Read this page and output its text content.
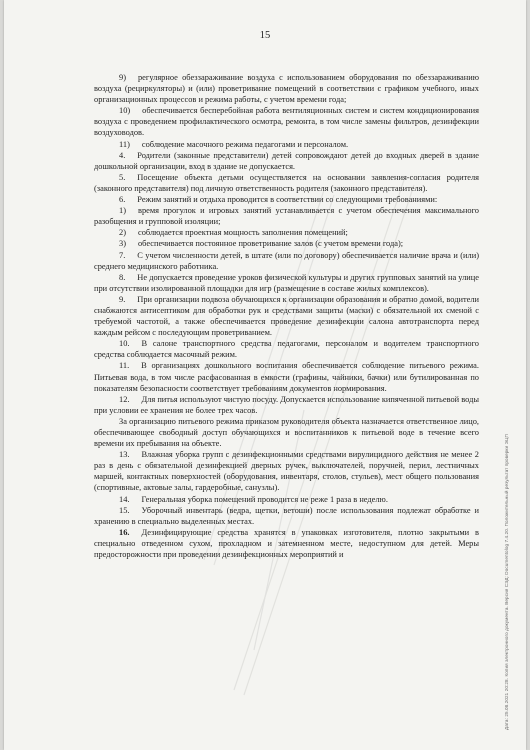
15

9) регулярное обеззараживание воздуха с использованием оборудования по обеззараживанию воздуха (рециркуляторы) и (или) проветривание помещений в соответствии с графиком учебного, иных организационных процессов и режима работы, с учетом времени года;

10) обеспечивается бесперебойная работа вентиляционных систем и систем кондиционирования воздуха с проведением профилактического осмотра, ремонта, в том числе замены фильтров, дезинфекции воздуховодов.

11) соблюдение масочного режима педагогами и персоналом.

4. Родители (законные представители) детей сопровождают детей до входных дверей в здание дошкольной организации, вход в здание не допускается.

5. Посещение объекта детьми осуществляется на основании заявления-согласия родителя (законного представителя) под личную ответственность родителя (законного представителя).

6. Режим занятий и отдыха проводится в соответствии со следующими требованиями:

1) время прогулок и игровых занятий устанавливается с учетом обеспечения максимального разобщения и групповой изоляции;

2) соблюдается проектная мощность заполнения помещений;

3) обеспечивается постоянное проветривание залов (с учетом времени года);

7. С учетом численности детей, в штате (или по договору) обеспечивается наличие врача и (или) среднего медицинского работника.

8. Не допускается проведение уроков физической культуры и других групповых занятий на улице при отсутствии изолированной площадки для игр (размещение в составе жилых комплексов).

9. При организации подвоза обучающихся к организации образования и обратно домой, водители снабжаются антисептиком для обработки рук и средствами защиты (маски) с обязательной их сменой с требуемой частотой, а также обеспечивается проведение дезинфекции салона автотранспорта перед каждым рейсом с последующим проветриванием.

10. В салоне транспортного средства педагогами, персоналом и водителем транспортного средства соблюдается масочный режим.

11. В организациях дошкольного воспитания обеспечивается соблюдение питьевого режима. Питьевая вода, в том числе расфасованная в емкости (графины, чайники, бачки) или бутилированная по показателям безопасности соответствует требованиям документов нормирования.

12. Для питья используют чистую посуду. Допускается использование кипяченной питьевой воды при условии ее хранения не более трех часов.

За организацию питьевого режима приказом руководителя объекта назначается ответственное лицо, обеспечивающее свободный доступ обучающихся и воспитанников к питьевой воде в течение всего времени их пребывания на объекте.

13. Влажная уборка групп с дезинфекционными средствами вирулицидного действия не менее 2 раз в день с обязательной дезинфекцией дверных ручек, выключателей, поручней, перил, лестничных маршей, контактных поверхностей (оборудования, инвентаря, столов, стульев), мест общего пользования (спортивные, актовые залы, гардеробные, санузлы).

14. Генеральная уборка помещений проводится не реже 1 раза в неделю.

15. Уборочный инвентарь (ведра, щетки, ветоши) после использования подлежат обработке и хранению в специально выделенных местах.

16. Дезинфицирующие средства хранятся в упаковках изготовителя, плотно закрытыми в специально отведенном сухом, прохладном и затемненном месте, недоступном для детей. Меры предосторожности при проведении дезинфекционных мероприятий и	Дата: 25.08.2021 20:28. Копия электронного документа. Версия СЭД: Documentolog 7.4.20. Положительный результат проверки ЭЦП
